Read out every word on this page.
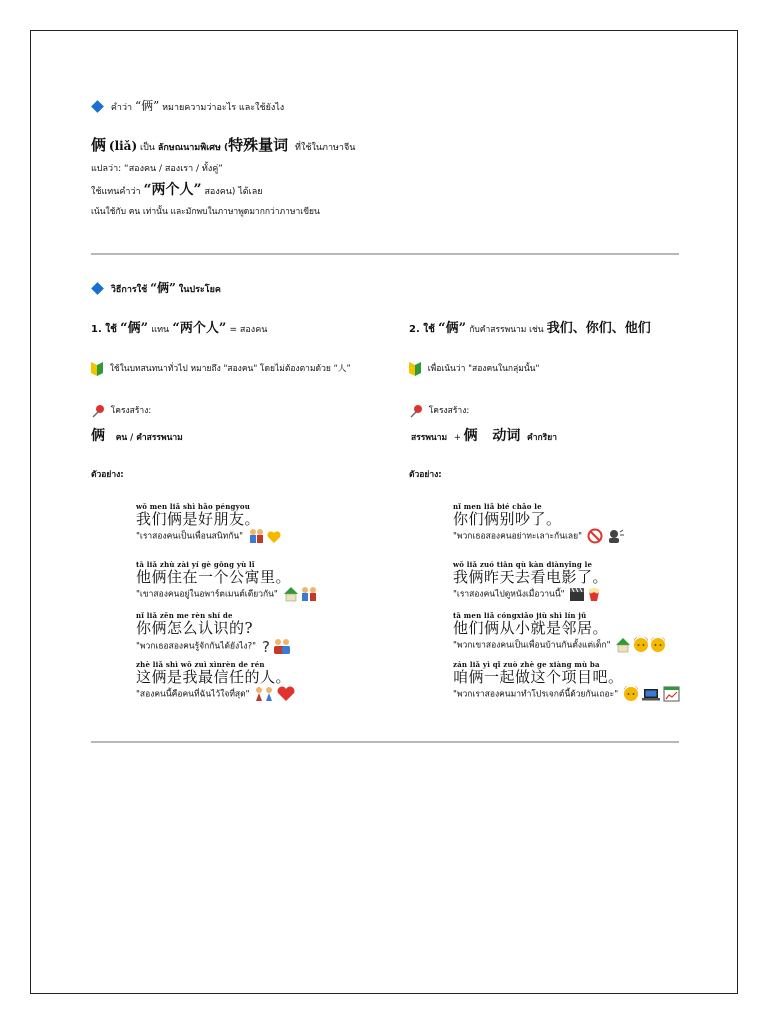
คำว่า “俩” หมายความว่าอะไร และใช้ยังไง
俩 (liǎ) เป็น ลักษณนามพิเศษ (特殊量词 ที่ใช้ในภาษาจีน
แปลว่า: “สองคน / สองเรา / ทั้งคู่”
ใช้แทนคำว่า “两个人” สองคน) ได้เลย
เน้นใช้กับ คน เท่านั้น และมักพบในภาษาพูดมากกว่าภาษาเขียน
วิธีการใช้ “俩” ในประโยค
1. ใช้ “俩” แทน “两个人” = สองคน
ใช้ในบทสนทนาทั่วไป หมายถึง "สองคน" โดยไม่ต้องตามด้วย “人”
โครงสร้าง:
俩 คน / คำสรรพนาม
ตัวอย่าง:
wǒ men liǎ shì hǎo péngyou
我们俩是好朋友。
"เราสองคนเป็นเพื่อนสนิทกัน"
tā liǎ zhù zài yí gè gōng yù lǐ
他俩住在一个公寓里。
"เขาสองคนอยู่ในอพาร์ตเมนต์เดียวกัน"
nǐ liǎ zěn me rèn shí de
你俩怎么认识的?
"พวกเธอสองคนรู้จักกันได้ยังไง?" ?
zhè liǎ shì wǒ zuì xìnrèn de rén
这俩是我最信任的人。
"สองคนนี้คือคนที่ฉันไว้ใจที่สุด"
2. ใช้ “俩” กับคำสรรพนาม เช่น 我们、你们、他们
เพื่อเน้นว่า "สองคนในกลุ่มนั้น"
โครงสร้าง:
สรรพนาม + 俩 动词 คำกริยา
ตัวอย่าง:
nǐ men liǎ bié chǎo le
你们俩别吵了。
"พวกเธอสองคนอย่าทะเลาะกันเลย"
wǒ liǎ zuó tiān qù kàn diànyǐng le
我俩昨天去看电影了。
"เราสองคนไปดูหนังเมื่อวานนี้"
tā men liǎ cóngxiǎo jiù shì lín jū
他们俩从小就是邻居。
"พวกเขาสองคนเป็นเพื่อนบ้านกันตั้งแต่เด็ก"
zán liǎ yì qǐ zuò zhè ge xiàng mù ba
咱俩一起做这个项目吧。
"พวกเราสองคนมาทำโปรเจกต์นี้ด้วยกันเถอะ"
